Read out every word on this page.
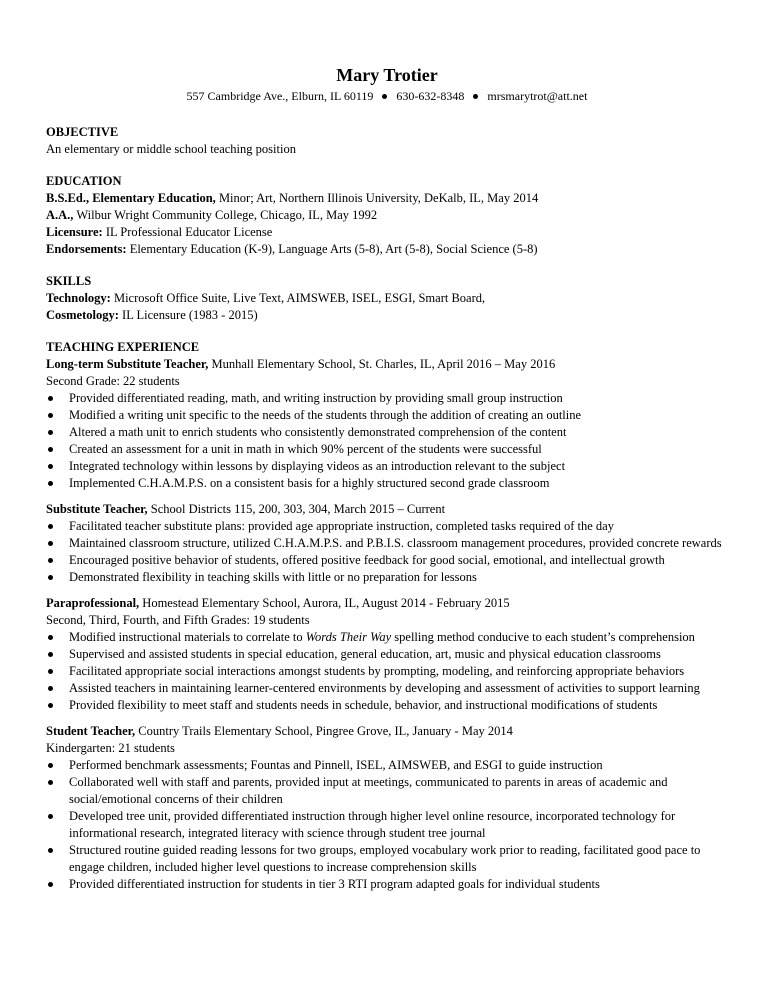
Mary Trotier
557 Cambridge Ave., Elburn, IL 60119 630-632-8348 mrsmarytrot@att.net
OBJECTIVE
An elementary or middle school teaching position
EDUCATION
B.S.Ed., Elementary Education, Minor; Art, Northern Illinois University, DeKalb, IL, May 2014
A.A., Wilbur Wright Community College, Chicago, IL, May 1992
Licensure: IL Professional Educator License
Endorsements: Elementary Education (K-9), Language Arts (5-8), Art (5-8), Social Science (5-8)
SKILLS
Technology: Microsoft Office Suite, Live Text, AIMSWEB, ISEL, ESGI, Smart Board,
Cosmetology: IL Licensure (1983 - 2015)
TEACHING EXPERIENCE
Long-term Substitute Teacher, Munhall Elementary School, St. Charles, IL, April 2016 – May 2016
Second Grade: 22 students
Provided differentiated reading, math, and writing instruction by providing small group instruction
Modified a writing unit specific to the needs of the students through the addition of creating an outline
Altered a math unit to enrich students who consistently demonstrated comprehension of the content
Created an assessment for a unit in math in which 90% percent of the students were successful
Integrated technology within lessons by displaying videos as an introduction relevant to the subject
Implemented C.H.A.M.P.S. on a consistent basis for a highly structured second grade classroom
Substitute Teacher, School Districts 115, 200, 303, 304, March 2015 – Current
Facilitated teacher substitute plans: provided age appropriate instruction, completed tasks required of the day
Maintained classroom structure, utilized C.H.A.M.P.S. and P.B.I.S. classroom management procedures, provided concrete rewards
Encouraged positive behavior of students, offered positive feedback for good social, emotional, and intellectual growth
Demonstrated flexibility in teaching skills with little or no preparation for lessons
Paraprofessional, Homestead Elementary School, Aurora, IL, August 2014 - February 2015
Second, Third, Fourth, and Fifth Grades: 19 students
Modified instructional materials to correlate to Words Their Way spelling method conducive to each student’s comprehension
Supervised and assisted students in special education, general education, art, music and physical education classrooms
Facilitated appropriate social interactions amongst students by prompting, modeling, and reinforcing appropriate behaviors
Assisted teachers in maintaining learner-centered environments by developing and assessment of activities to support learning
Provided flexibility to meet staff and students needs in schedule, behavior, and instructional modifications of students
Student Teacher, Country Trails Elementary School, Pingree Grove, IL, January - May 2014
Kindergarten: 21 students
Performed benchmark assessments; Fountas and Pinnell, ISEL, AIMSWEB, and ESGI to guide instruction
Collaborated well with staff and parents, provided input at meetings, communicated to parents in areas of academic and social/emotional concerns of their children
Developed tree unit, provided differentiated instruction through higher level online resource, incorporated technology for informational research, integrated literacy with science through student tree journal
Structured routine guided reading lessons for two groups, employed vocabulary work prior to reading, facilitated good pace to engage children, included higher level questions to increase comprehension skills
Provided differentiated instruction for students in tier 3 RTI program adapted goals for individual students
